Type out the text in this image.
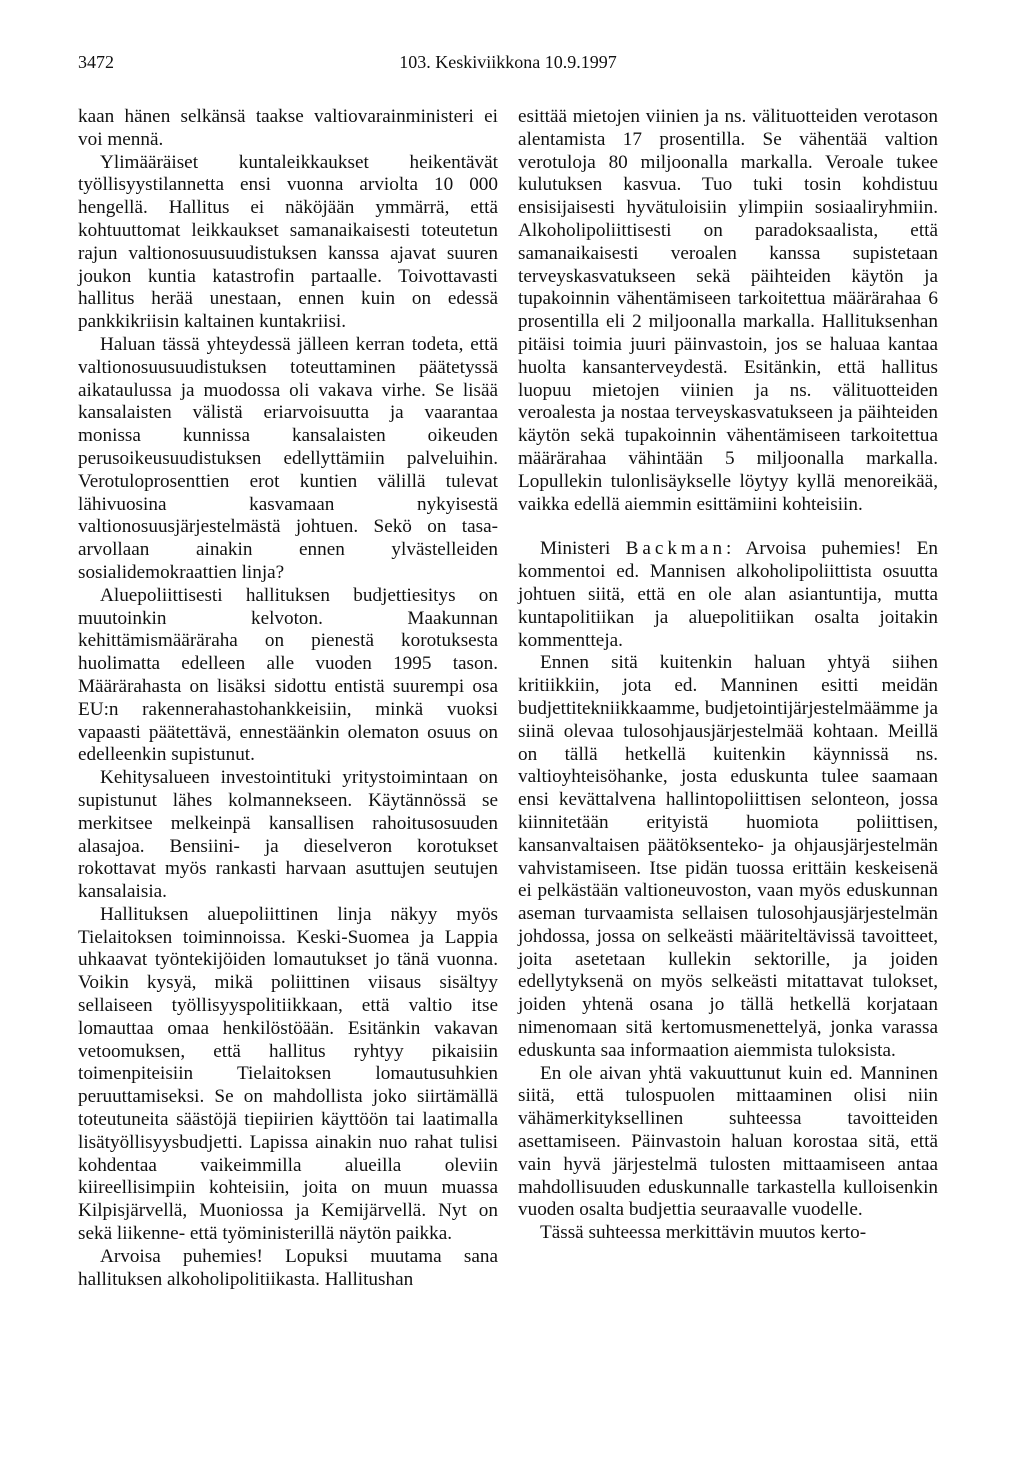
3472	103. Keskiviikkona 10.9.1997

kaan hänen selkänsä taakse valtiovarainministeri ei voi mennä.

Ylimääräiset kuntaleikkaukset heikentävät työllisyystilannetta ensi vuonna arviolta 10 000 hengellä. Hallitus ei näköjään ymmärrä, että kohtuuttomat leikkaukset samanaikaisesti toteutetun rajun valtionosuusuudistuksen kanssa ajavat suuren joukon kuntia katastrofin partaalle. Toivottavasti hallitus herää unestaan, ennen kuin on edessä pankkikriisin kaltainen kuntakriisi.

Haluan tässä yhteydessä jälleen kerran todeta, että valtionosuusuudistuksen toteuttaminen päätetyssä aikataulussa ja muodossa oli vakava virhe. Se lisää kansalaisten välistä eriarvoisuutta ja vaarantaa monissa kunnissa kansalaisten oikeuden perusoikeusuudistuksen edellyttämiin palveluihin. Verotuloprosenttien erot kuntien välillä tulevat lähivuosina kasvamaan nykyisestä valtionosuusjärjestelmästä johtuen. Sekö on tasa-arvollaan ainakin ennen ylvästelleiden sosialidemokraattien linja?

Aluepoliittisesti hallituksen budjettiesitys on muutoinkin kelvoton. Maakunnan kehittämismääräraha on pienestä korotuksesta huolimatta edelleen alle vuoden 1995 tason. Määrärahasta on lisäksi sidottu entistä suurempi osa EU:n rakennerahastohankkeisiin, minkä vuoksi vapaasti päätettävä, ennestäänkin olematon osuus on edelleenkin supistunut.

Kehitysalueen investointituki yritystoimintaan on supistunut lähes kolmannekseen. Käytännössä se merkitsee melkeinpä kansallisen rahoitusosuuden alasajoa. Bensiini- ja dieselveron korotukset rokottavat myös rankasti harvaan asuttujen seutujen kansalaisia.

Hallituksen aluepoliittinen linja näkyy myös Tielaitoksen toiminnoissa. Keski-Suomea ja Lappia uhkaavat työntekijöiden lomautukset jo tänä vuonna. Voikin kysyä, mikä poliittinen viisaus sisältyy sellaiseen työllisyyspolitiikkaan, että valtio itse lomauttaa omaa henkilöstöään. Esitänkin vakavan vetoomuksen, että hallitus ryhtyy pikaisiin toimenpiteisiin Tielaitoksen lomautusuhkien peruuttamiseksi. Se on mahdollista joko siirtämällä toteutuneita säästöjä tiepiirien käyttöön tai laatimalla lisätyöllisyysbudjetti. Lapissa ainakin nuo rahat tulisi kohdentaa vaikeimmilla alueilla oleviin kiireellisimpiin kohteisiin, joita on muun muassa Kilpisjärvellä, Muoniossa ja Kemijärvellä. Nyt on sekä liikenne- että työministerillä näytön paikka.

Arvoisa puhemies! Lopuksi muutama sana hallituksen alkoholipolitiikasta. Hallitushan

esittää mietojen viinien ja ns. välituotteiden verotason alentamista 17 prosentilla. Se vähentää valtion verotuloja 80 miljoonalla markalla. Veroale tukee kulutuksen kasvua. Tuo tuki tosin kohdistuu ensisijaisesti hyvätuloisiin ylimpiin sosiaaliryhmiin. Alkoholipoliittisesti on paradoksaalista, että samanaikaisesti veroalen kanssa supistetaan terveyskasvatukseen sekä päihteiden käytön ja tupakoinnin vähentämiseen tarkoitettua määrärahaa 6 prosentilla eli 2 miljoonalla markalla. Hallituksenhan pitäisi toimia juuri päinvastoin, jos se haluaa kantaa huolta kansanterveydestä. Esitänkin, että hallitus luopuu mietojen viinien ja ns. välituotteiden veroalesta ja nostaa terveyskasvatukseen ja päihteiden käytön sekä tupakoinnin vähentämiseen tarkoitettua määrärahaa vähintään 5 miljoonalla markalla. Lopullekin tulonlisäykselle löytyy kyllä menoreikää, vaikka edellä aiemmin esittämiini kohteisiin.

Ministeri Backman: Arvoisa puhemies! En kommentoi ed. Mannisen alkoholipoliittista osuutta johtuen siitä, että en ole alan asiantuntija, mutta kuntapolitiikan ja aluepolitiikan osalta joitakin kommentteja.

Ennen sitä kuitenkin haluan yhtyä siihen kritiikkiin, jota ed. Manninen esitti meidän budjettitekniikkaamme, budjetointijärjestelmäämme ja siinä olevaa tulosohjausjärjestelmää kohtaan. Meillä on tällä hetkellä kuitenkin käynnissä ns. valtioyhteisöhanke, josta eduskunta tulee saamaan ensi kevättalvena hallintopoliittisen selonteon, jossa kiinnitetään erityistä huomiota poliittisen, kansanvaltaisen päätöksenteko- ja ohjausjärjestelmän vahvistamiseen. Itse pidän tuossa erittäin keskeisenä ei pelkästään valtioneuvoston, vaan myös eduskunnan aseman turvaamista sellaisen tulosohjausjärjestelmän johdossa, jossa on selkeästi määriteltävissä tavoitteet, joita asetetaan kullekin sektorille, ja joiden edellytyksenä on myös selkeästi mitattavat tulokset, joiden yhtenä osana jo tällä hetkellä korjataan nimenomaan sitä kertomusmenettelyä, jonka varassa eduskunta saa informaation aiemmista tuloksista.

En ole aivan yhtä vakuuttunut kuin ed. Manninen siitä, että tulospuolen mittaaminen olisi niin vähämerkityksellinen suhteessa tavoitteiden asettamiseen. Päinvastoin haluan korostaa sitä, että vain hyvä järjestelmä tulosten mittaamiseen antaa mahdollisuuden eduskunnalle tarkastella kulloisenkin vuoden osalta budjettia seuraavalle vuodelle.

Tässä suhteessa merkittävin muutos kerto-
